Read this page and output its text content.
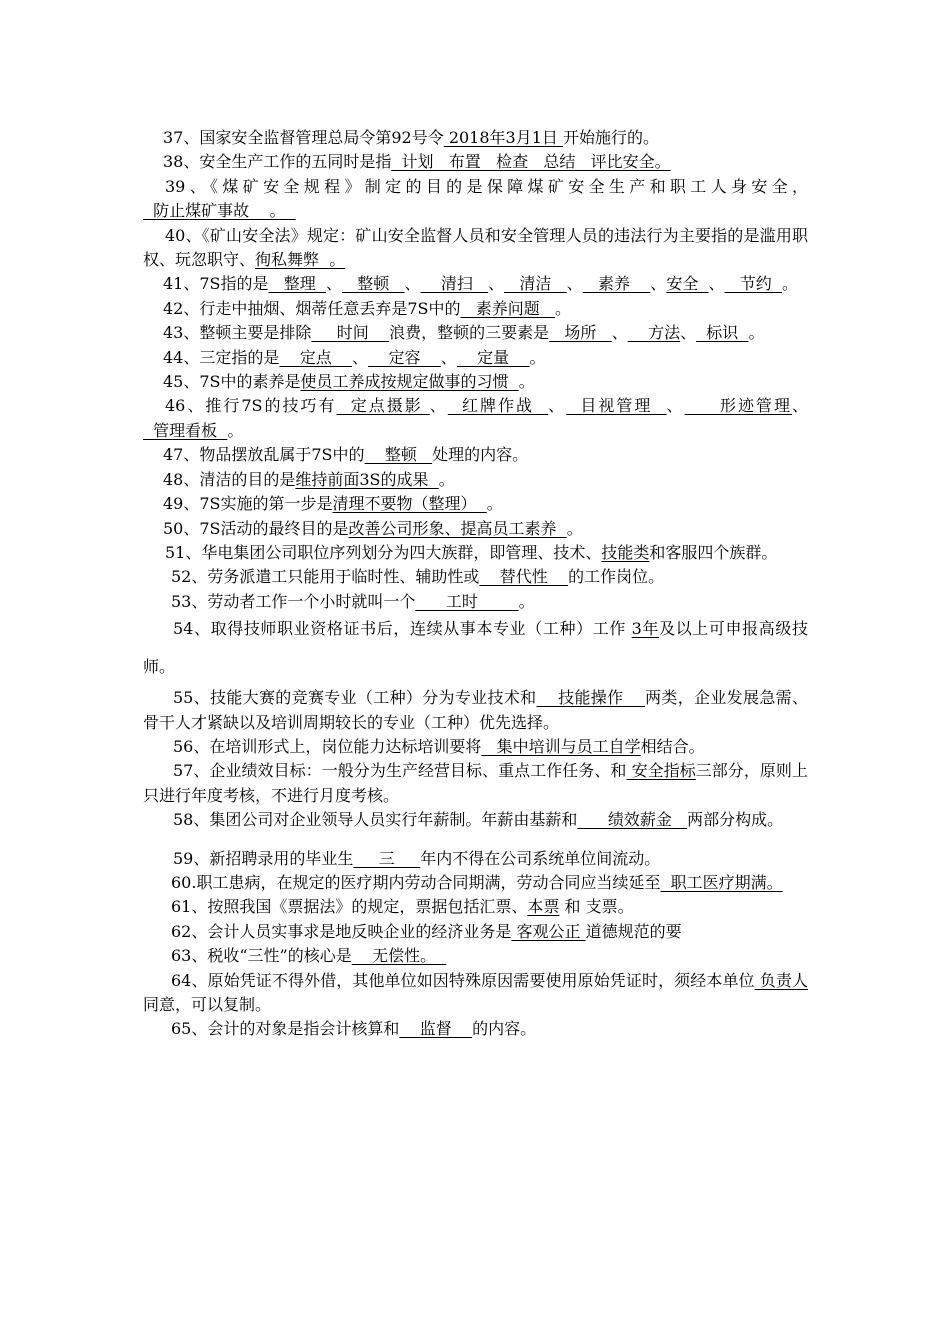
37、国家安全监督管理总局令第92号令 2018年3月1日 开始施行的。

38、安全生产工作的五同时是指  计划   布置   检查   总结   评比安全。

39、《煤矿安全规程》制定的目的是保障煤矿安全生产和职工人身安全，  防止煤矿事故    。

40、《矿山安全法》规定：矿山安全监督人员和安全管理人员的违法行为主要指的是滥用职权、玩忽职守、徇私舞弊  。

41、7S指的是   整理  、   整顿   、    清扫   、   清洁   、   素养    、安全  、   节约  。

42、行走中抽烟、烟蒂任意丢弃是7S中的   素养问题   。

43、整顿主要是排除     时间    浪费，整顿的三要素是   场所   、    方法、  标识  。

44、三定指的是    定点    、    定容    、    定量    。

45、7S中的素养是使员工养成按规定做事的习惯  。

46、推行7S的技巧有  定点摄影 、  红牌作战  、  目视管理  、     形迹管理、  管理看板  。

47、物品摆放乱属于7S中的    整顿   处理的内容。

48、清洁的目的是维持前面3S的成果  。

49、7S实施的第一步是清理不要物（整理）  。

50、7S活动的最终目的是改善公司形象、提高员工素养  。

51、华电集团公司职位序列划分为四大族群，即管理、技术、技能类和客服四个族群。

52、劳务派遣工只能用于临时性、辅助性或    替代性    的工作岗位。

53、劳动者工作一个小时就叫一个      工时        。

54、取得技师职业资格证书后，连续从事本专业（工种）工作 3年及以上可申报高级技师。

55、技能大赛的竞赛专业（工种）分为专业技术和    技能操作    两类，企业发展急需、骨干人才紧缺以及培训周期较长的专业（工种）优先选择。

56、在培训形式上，岗位能力达标培训要将   集中培训与员工自学相结合。

57、企业绩效目标：一般分为生产经营目标、重点工作任务、和 安全指标三部分，原则上只进行年度考核，不进行月度考核。

58、集团公司对企业领导人员实行年薪制。年薪由基薪和      绩效薪金   两部分构成。

59、新招聘录用的毕业生     三     年内不得在公司系统单位间流动。

60.职工患病，在规定的医疗期内劳动合同期满，劳动合同应当续延至  职工医疗期满。

61、按照我国《票据法》的规定，票据包括汇票、本票 和 支票。

62、会计人员实事求是地反映企业的经济业务是 客观公正 道德规范的要

63、税收“三性”的核心是    无偿性。

64、原始凭证不得外借，其他单位如因特殊原因需要使用原始凭证时，须经本单位 负责人同意，可以复制。

65、会计的对象是指会计核算和    监督    的内容。
